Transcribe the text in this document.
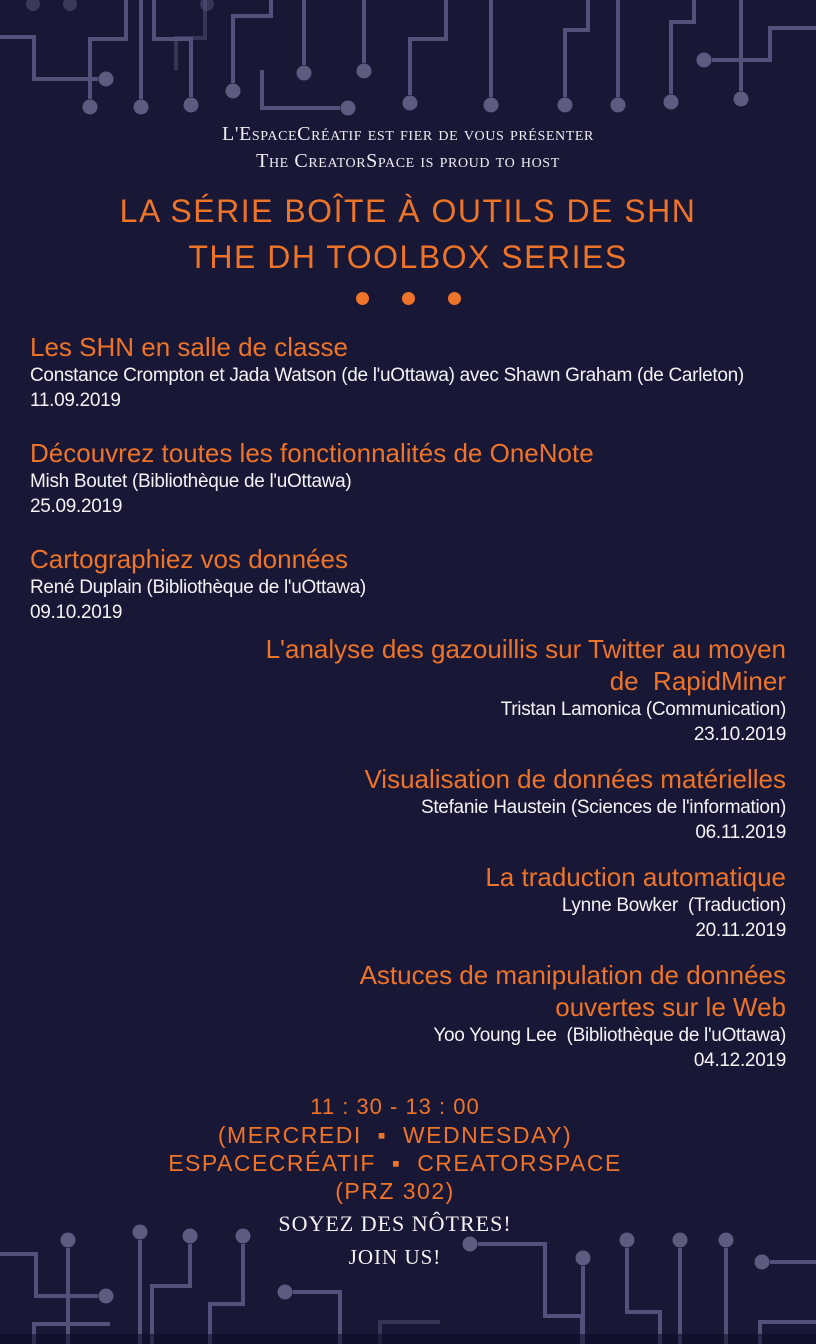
L'EspaceCréatif est fier de vous présenter
The CreatorSpace is proud to host
LA SÉRIE BOÎTE À OUTILS DE SHN
THE DH TOOLBOX SERIES
Les SHN en salle de classe
Constance Crompton et Jada Watson (de l'uOttawa) avec Shawn Graham (de Carleton)
11.09.2019
Découvrez toutes les fonctionnalités de OneNote
Mish Boutet (Bibliothèque de l'uOttawa)
25.09.2019
Cartographiez vos données
René Duplain (Bibliothèque de l'uOttawa)
09.10.2019
L'analyse des gazouillis sur Twitter au moyen de  RapidMiner
Tristan Lamonica (Communication)
23.10.2019
Visualisation de données matérielles
Stefanie Haustein (Sciences de l'information)
06.11.2019
La traduction automatique
Lynne Bowker  (Traduction)
20.11.2019
Astuces de manipulation de données ouvertes sur le Web
Yoo Young Lee  (Bibliothèque de l'uOttawa)
04.12.2019
11 : 30 - 13 : 00
(MERCREDI  ▪  WEDNESDAY)
ESPACECRÉATIF  ▪  CREATORSPACE
(PRZ 302)
SOYEZ DES NÔTRES!
JOIN US!
